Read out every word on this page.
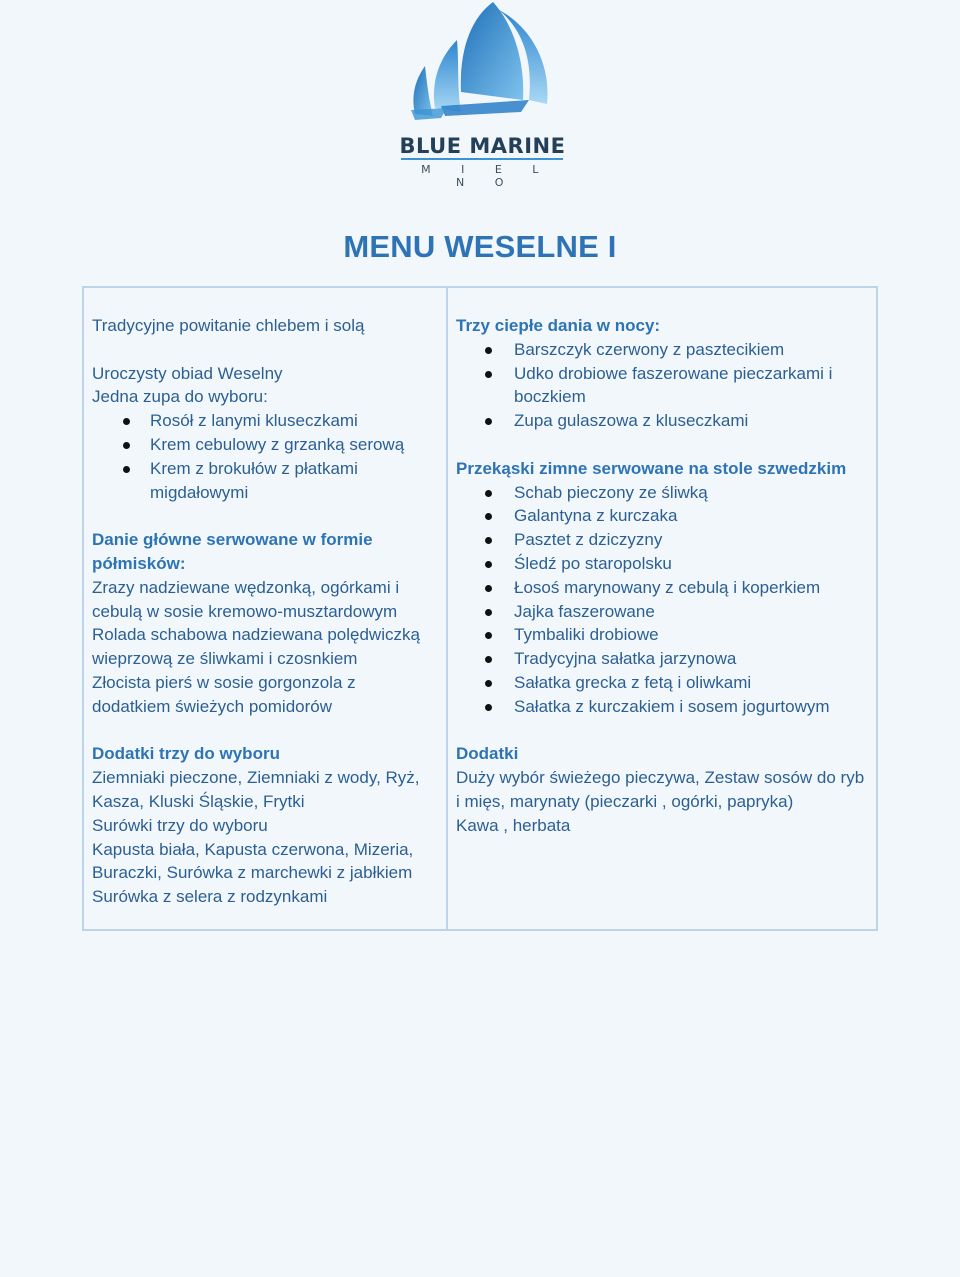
BLUE MARINE
M I E L N O
MENU WESELNE I

Tradycyjne powitanie chlebem i solą

Uroczysty obiad Weselny

Jedna zupa do wyboru:

Rosół z lanymi kluseczkami
Krem cebulowy z grzanką serową
Krem z brokułów z płatkami migdałowymi

Danie główne serwowane w formie półmisków:

Zrazy nadziewane wędzonką, ogórkami i cebulą w sosie kremowo-musztardowym

Rolada schabowa nadziewana polędwiczką wieprzową ze śliwkami i czosnkiem

Złocista pierś w sosie gorgonzola z dodatkiem świeżych pomidorów

Dodatki trzy do wyboru

Ziemniaki pieczone, Ziemniaki z wody, Ryż, Kasza, Kluski Śląskie, Frytki

Surówki trzy do wyboru

Kapusta biała, Kapusta czerwona, Mizeria, Buraczki, Surówka z marchewki z jabłkiem

Surówka z selera z rodzynkami

Trzy ciepłe dania w nocy:

Barszczyk czerwony z pasztecikiem
Udko drobiowe faszerowane pieczarkami i boczkiem
Zupa gulaszowa z kluseczkami

Przekąski zimne serwowane na stole szwedzkim

Schab pieczony ze śliwką
Galantyna z kurczaka
Pasztet z dziczyzny
Śledź po staropolsku
Łosoś marynowany z cebulą i koperkiem
Jajka faszerowane
Tymbaliki drobiowe
Tradycyjna sałatka jarzynowa
Sałatka grecka z fetą i oliwkami
Sałatka z kurczakiem i sosem jogurtowym

Dodatki

Duży wybór świeżego pieczywa, Zestaw sosów do ryb i mięs, marynaty (pieczarki , ogórki, papryka)

Kawa , herbata
